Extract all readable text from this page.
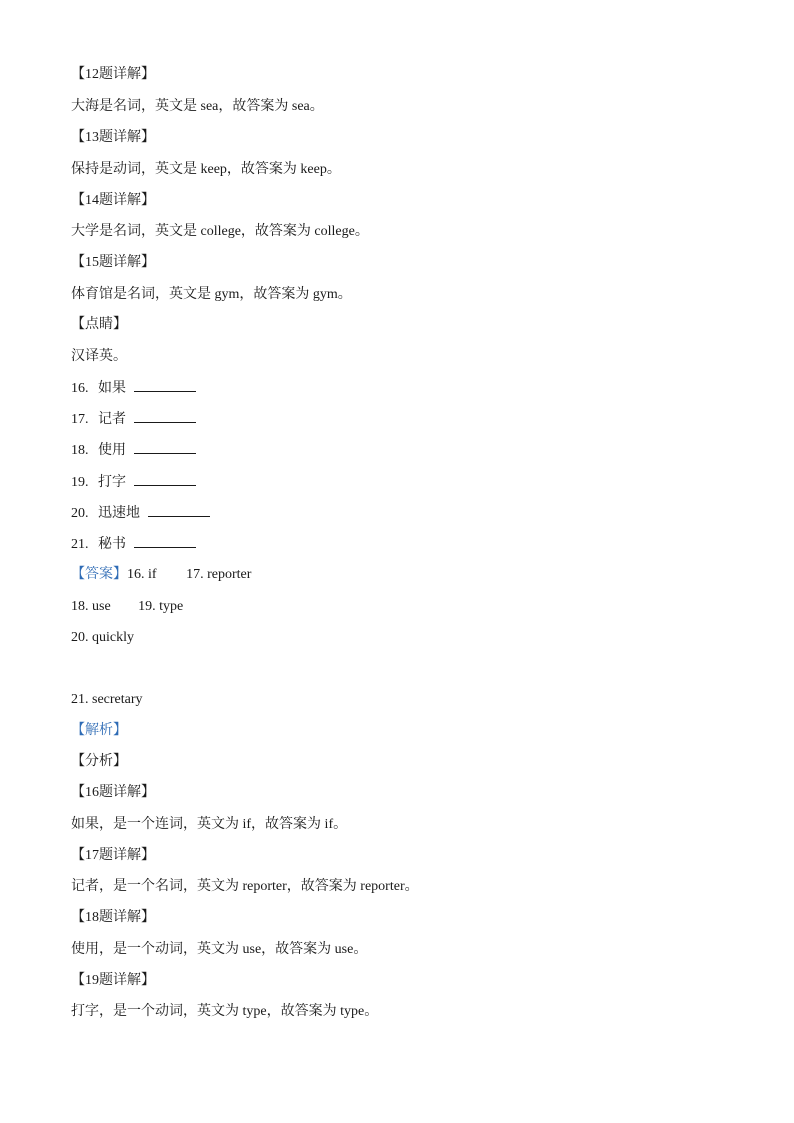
【12题详解】
大海是名词，英文是 sea，故答案为 sea。
【13题详解】
保持是动词，英文是 keep，故答案为 keep。
【14题详解】
大学是名词，英文是 college，故答案为 college。
【15题详解】
体育馆是名词，英文是 gym，故答案为 gym。
【点睛】
汉译英。
16. 如果
17. 记者
18. 使用
19. 打字
20. 迅速地
21. 秘书
【答案】16. if 17. reporter
18. use 19. type
20. quickly
21. secretary
【解析】
【分析】
【16题详解】
如果，是一个连词，英文为 if，故答案为 if。
【17题详解】
记者，是一个名词，英文为 reporter，故答案为 reporter。
【18题详解】
使用，是一个动词，英文为 use，故答案为 use。
【19题详解】
打字，是一个动词，英文为 type，故答案为 type。
